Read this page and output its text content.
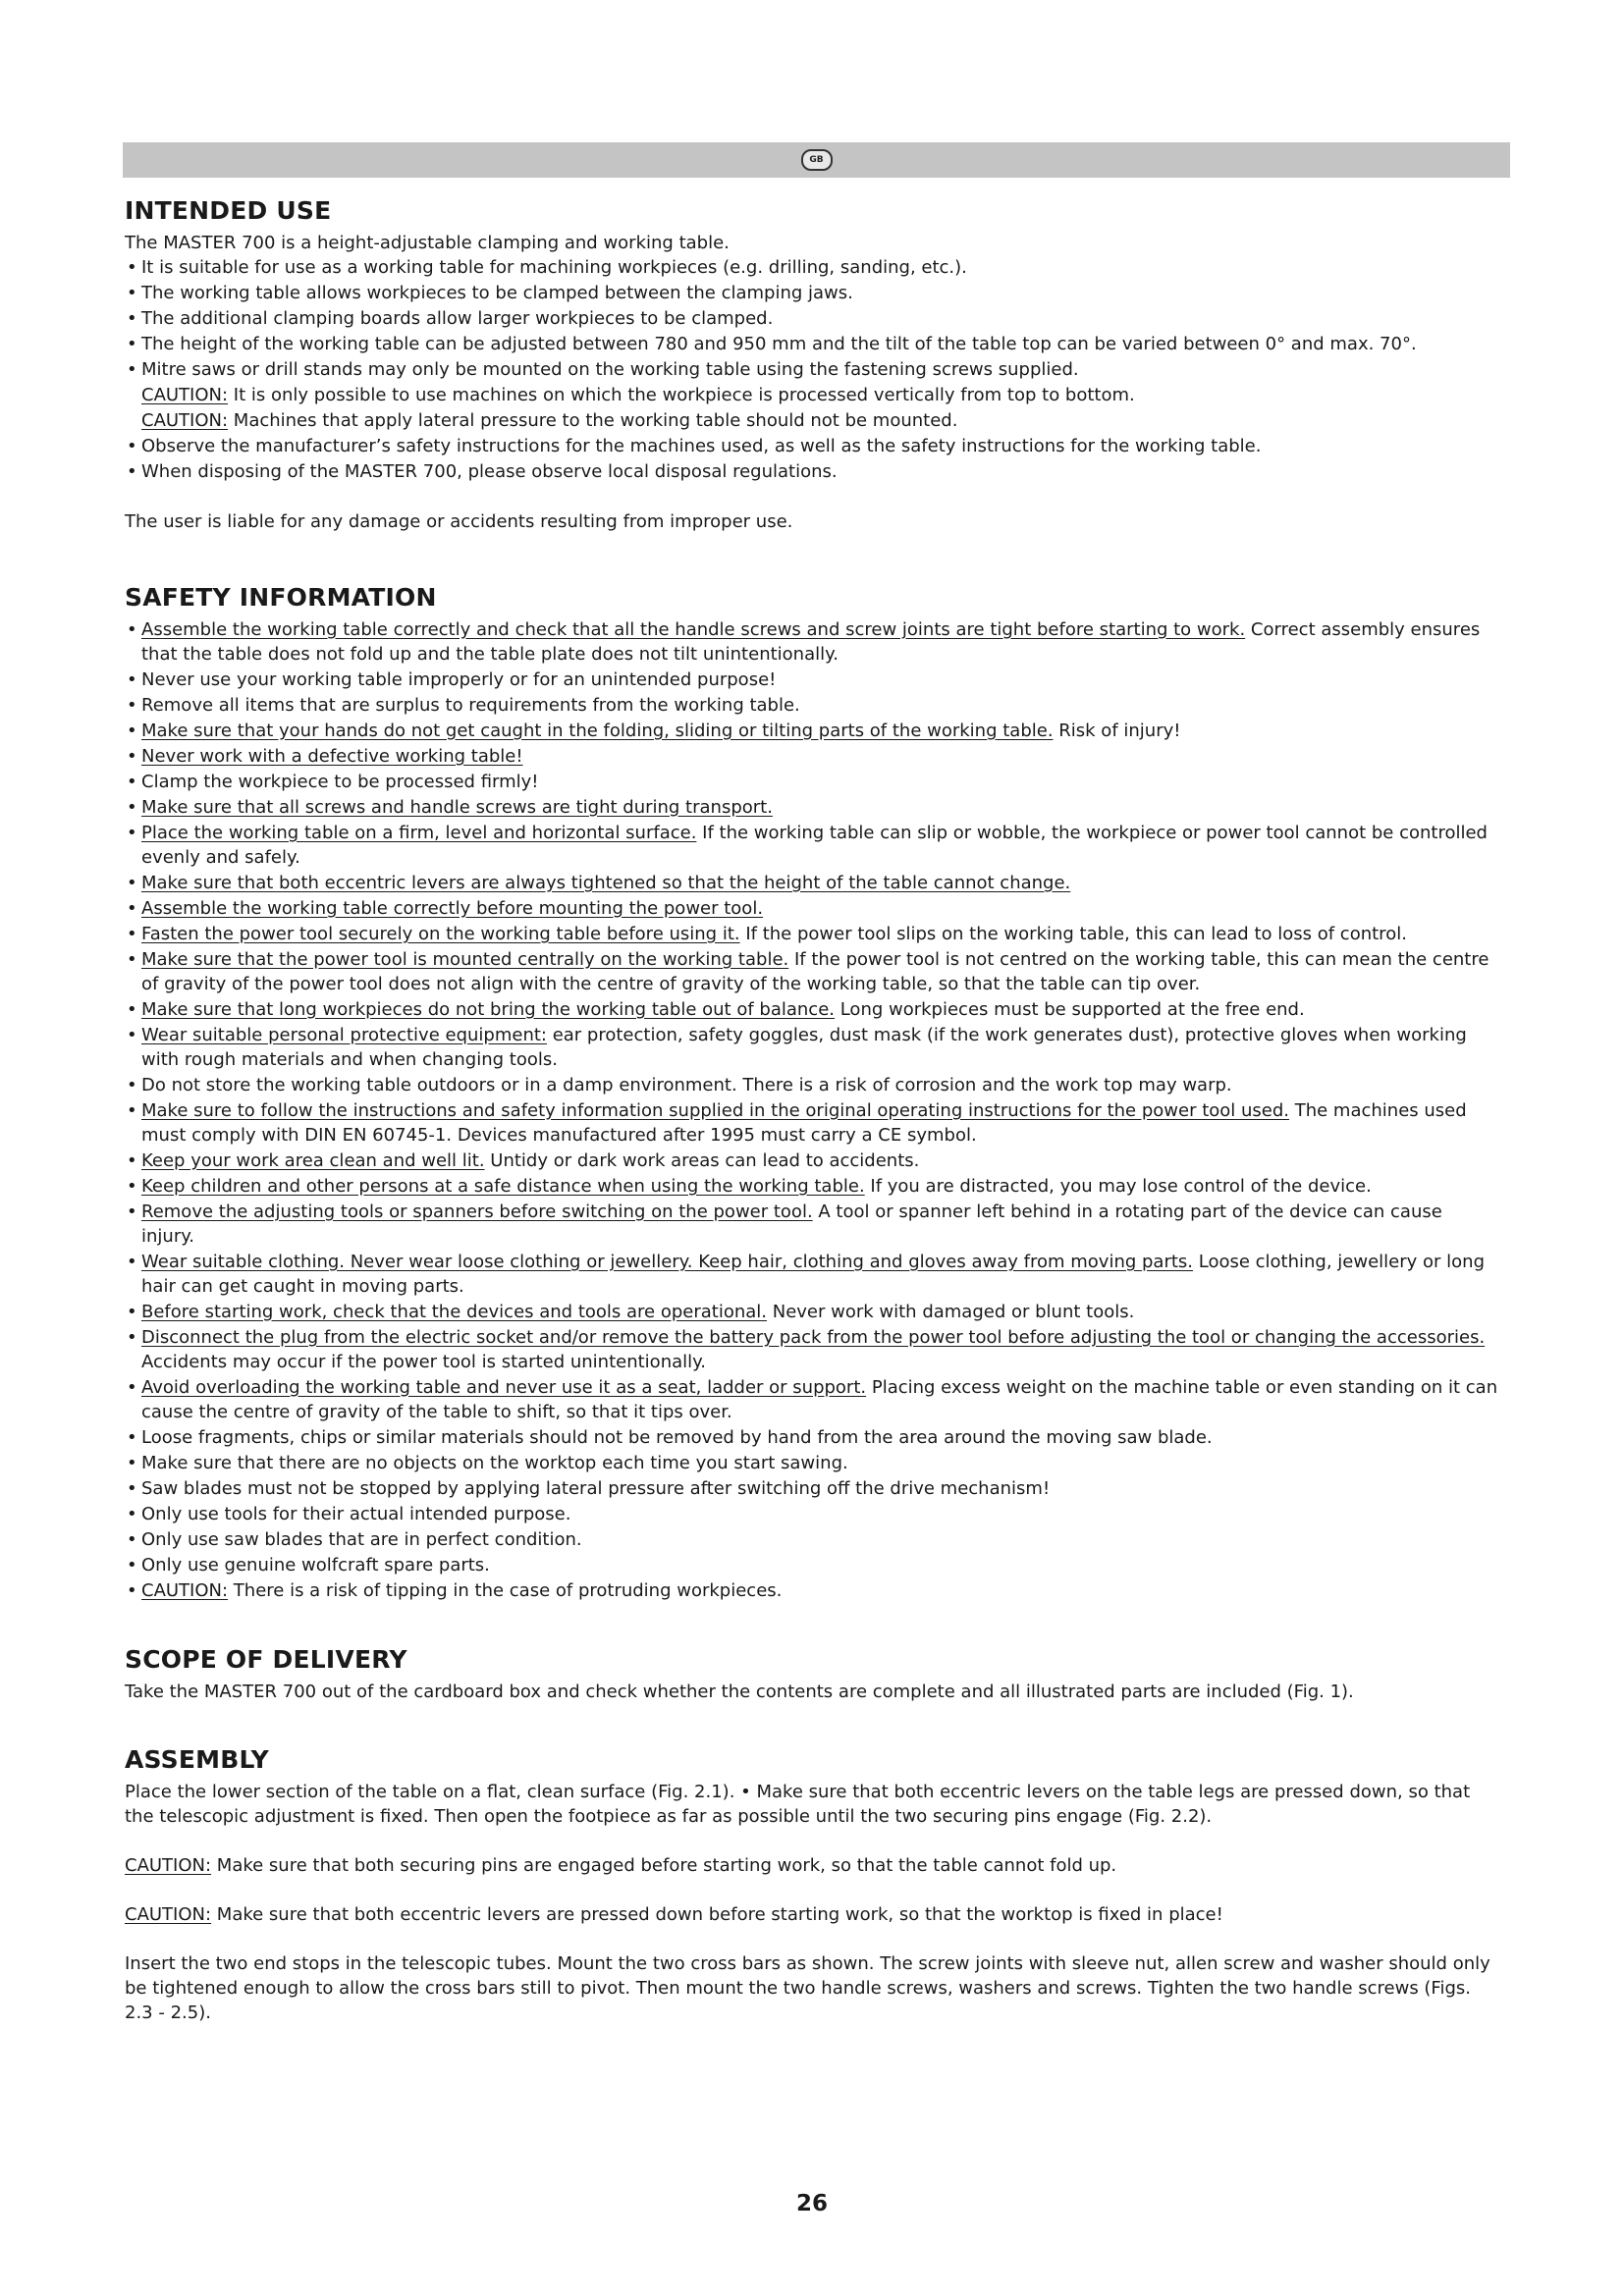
GB
INTENDED USE

The MASTER 700 is a height-adjustable clamping and working table.

• It is suitable for use as a working table for machining workpieces (e.g. drilling, sanding, etc.).
• The working table allows workpieces to be clamped between the clamping jaws.
• The additional clamping boards allow larger workpieces to be clamped.
• The height of the working table can be adjusted between 780 and 950 mm and the tilt of the table top can be varied between 0° and max. 70°.
• Mitre saws or drill stands may only be mounted on the working table using the fastening screws supplied.
CAUTION: It is only possible to use machines on which the workpiece is processed vertically from top to bottom.
CAUTION: Machines that apply lateral pressure to the working table should not be mounted.
• Observe the manufacturer’s safety instructions for the machines used, as well as the safety instructions for the working table.
• When disposing of the MASTER 700, please observe local disposal regulations.

The user is liable for any damage or accidents resulting from improper use.

SAFETY INFORMATION
• Assemble the working table correctly and check that all the handle screws and screw joints are tight before starting to work. Correct assembly ensures that the table does not fold up and the table plate does not tilt unintentionally.
• Never use your working table improperly or for an unintended purpose!
• Remove all items that are surplus to requirements from the working table.
• Make sure that your hands do not get caught in the folding, sliding or tilting parts of the working table. Risk of injury!
• Never work with a defective working table!
• Clamp the workpiece to be processed firmly!
• Make sure that all screws and handle screws are tight during transport.
• Place the working table on a firm, level and horizontal surface. If the working table can slip or wobble, the workpiece or power tool cannot be controlled evenly and safely.
• Make sure that both eccentric levers are always tightened so that the height of the table cannot change.
• Assemble the working table correctly before mounting the power tool.
• Fasten the power tool securely on the working table before using it. If the power tool slips on the working table, this can lead to loss of control.
• Make sure that the power tool is mounted centrally on the working table. If the power tool is not centred on the working table, this can mean the centre of gravity of the power tool does not align with the centre of gravity of the working table, so that the table can tip over.
• Make sure that long workpieces do not bring the working table out of balance. Long workpieces must be supported at the free end.
• Wear suitable personal protective equipment: ear protection, safety goggles, dust mask (if the work generates dust), protective gloves when working with rough materials and when changing tools.
• Do not store the working table outdoors or in a damp environment. There is a risk of corrosion and the work top may warp.
• Make sure to follow the instructions and safety information supplied in the original operating instructions for the power tool used. The machines used must comply with DIN EN 60745-1. Devices manufactured after 1995 must carry a CE symbol.
• Keep your work area clean and well lit. Untidy or dark work areas can lead to accidents.
• Keep children and other persons at a safe distance when using the working table. If you are distracted, you may lose control of the device.
• Remove the adjusting tools or spanners before switching on the power tool. A tool or spanner left behind in a rotating part of the device can cause injury.
• Wear suitable clothing. Never wear loose clothing or jewellery. Keep hair, clothing and gloves away from moving parts. Loose clothing, jewellery or long hair can get caught in moving parts.
• Before starting work, check that the devices and tools are operational. Never work with damaged or blunt tools.
• Disconnect the plug from the electric socket and/or remove the battery pack from the power tool before adjusting the tool or changing the accessories. Accidents may occur if the power tool is started unintentionally.
• Avoid overloading the working table and never use it as a seat, ladder or support. Placing excess weight on the machine table or even standing on it can cause the centre of gravity of the table to shift, so that it tips over.
• Loose fragments, chips or similar materials should not be removed by hand from the area around the moving saw blade.
• Make sure that there are no objects on the worktop each time you start sawing.
• Saw blades must not be stopped by applying lateral pressure after switching off the drive mechanism!
• Only use tools for their actual intended purpose.
• Only use saw blades that are in perfect condition.
• Only use genuine wolfcraft spare parts.
• CAUTION: There is a risk of tipping in the case of protruding workpieces.
SCOPE OF DELIVERY

Take the MASTER 700 out of the cardboard box and check whether the contents are complete and all illustrated parts are included (Fig. 1).

ASSEMBLY

Place the lower section of the table on a flat, clean surface (Fig. 2.1). • Make sure that both eccentric levers on the table legs are pressed down, so that the telescopic adjustment is fixed. Then open the footpiece as far as possible until the two securing pins engage (Fig. 2.2).

CAUTION: Make sure that both securing pins are engaged before starting work, so that the table cannot fold up.

CAUTION: Make sure that both eccentric levers are pressed down before starting work, so that the worktop is fixed in place!

Insert the two end stops in the telescopic tubes. Mount the two cross bars as shown. The screw joints with sleeve nut, allen screw and washer should only be tightened enough to allow the cross bars still to pivot. Then mount the two handle screws, washers and screws. Tighten the two handle screws (Figs. 2.3 - 2.5).

26
